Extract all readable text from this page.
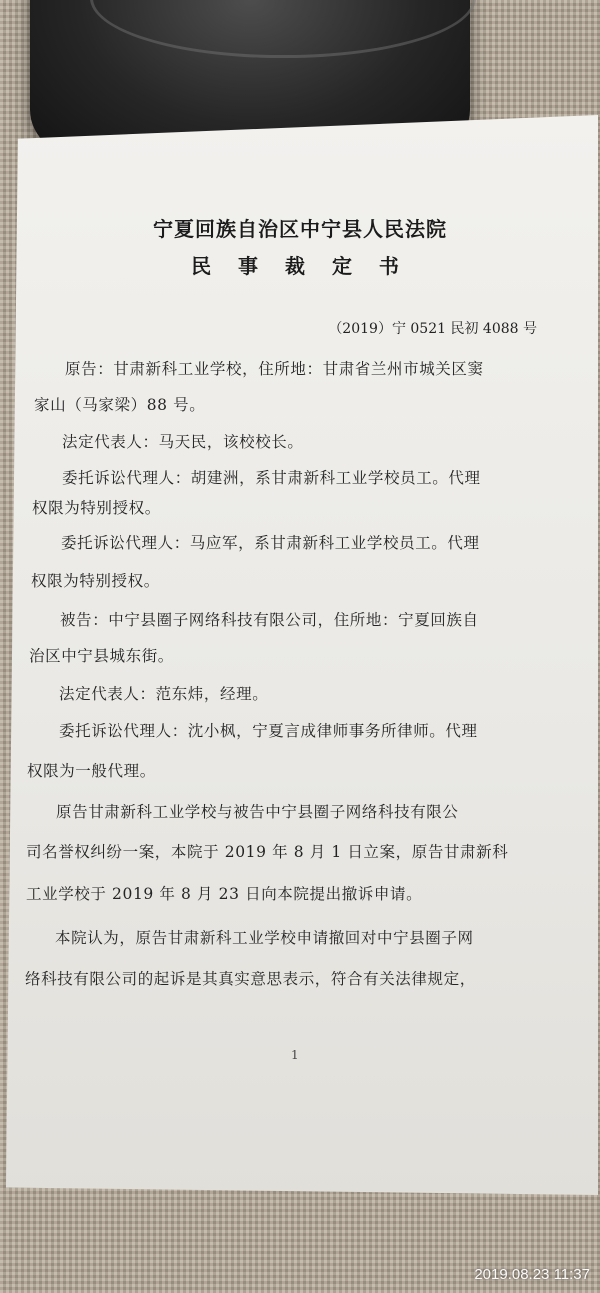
宁夏回族自治区中宁县人民法院
民 事 裁 定 书
（2019）宁 0521 民初 4088 号
原告：甘肃新科工业学校，住所地：甘肃省兰州市城关区窦
家山（马家梁）88 号。
法定代表人：马天民，该校校长。
委托诉讼代理人：胡建洲，系甘肃新科工业学校员工。代理
权限为特别授权。
委托诉讼代理人：马应军，系甘肃新科工业学校员工。代理
权限为特别授权。
被告：中宁县圈子网络科技有限公司，住所地：宁夏回族自
治区中宁县城东街。
法定代表人：范东炜，经理。
委托诉讼代理人：沈小枫，宁夏言成律师事务所律师。代理
权限为一般代理。
原告甘肃新科工业学校与被告中宁县圈子网络科技有限公
司名誉权纠纷一案，本院于 2019 年 8 月 1 日立案，原告甘肃新科
工业学校于 2019 年 8 月 23 日向本院提出撤诉申请。
本院认为，原告甘肃新科工业学校申请撤回对中宁县圈子网
络科技有限公司的起诉是其真实意思表示，符合有关法律规定，
1
2019.08.23 11:37
